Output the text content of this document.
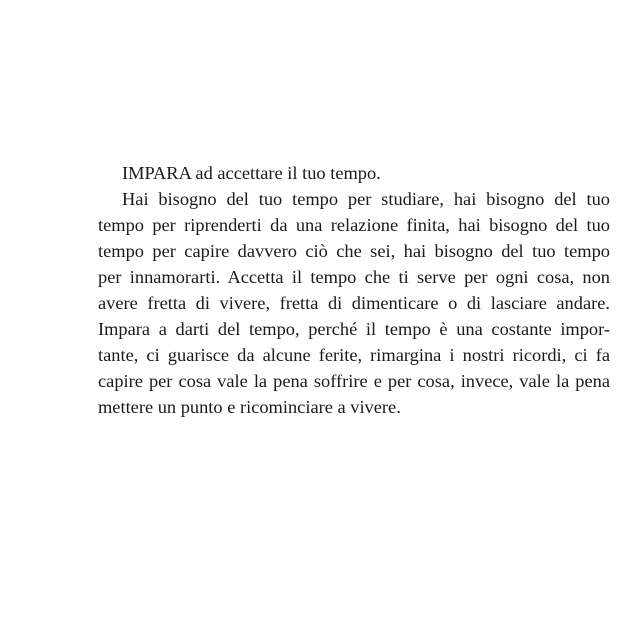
IMPARA ad accettare il tuo tempo.
Hai bisogno del tuo tempo per studiare, hai bisogno del tuo
tempo per riprenderti da una relazione finita, hai bisogno del tuo
tempo per capire davvero ciò che sei, hai bisogno del tuo tempo
per innamorarti. Accetta il tempo che ti serve per ogni cosa, non
avere fretta di vivere, fretta di dimenticare o di lasciare andare.
Impara a darti del tempo, perché il tempo è una costante impor-
tante, ci guarisce da alcune ferite, rimargina i nostri ricordi, ci fa
capire per cosa vale la pena soffrire e per cosa, invece, vale la pena
mettere un punto e ricominciare a vivere.
